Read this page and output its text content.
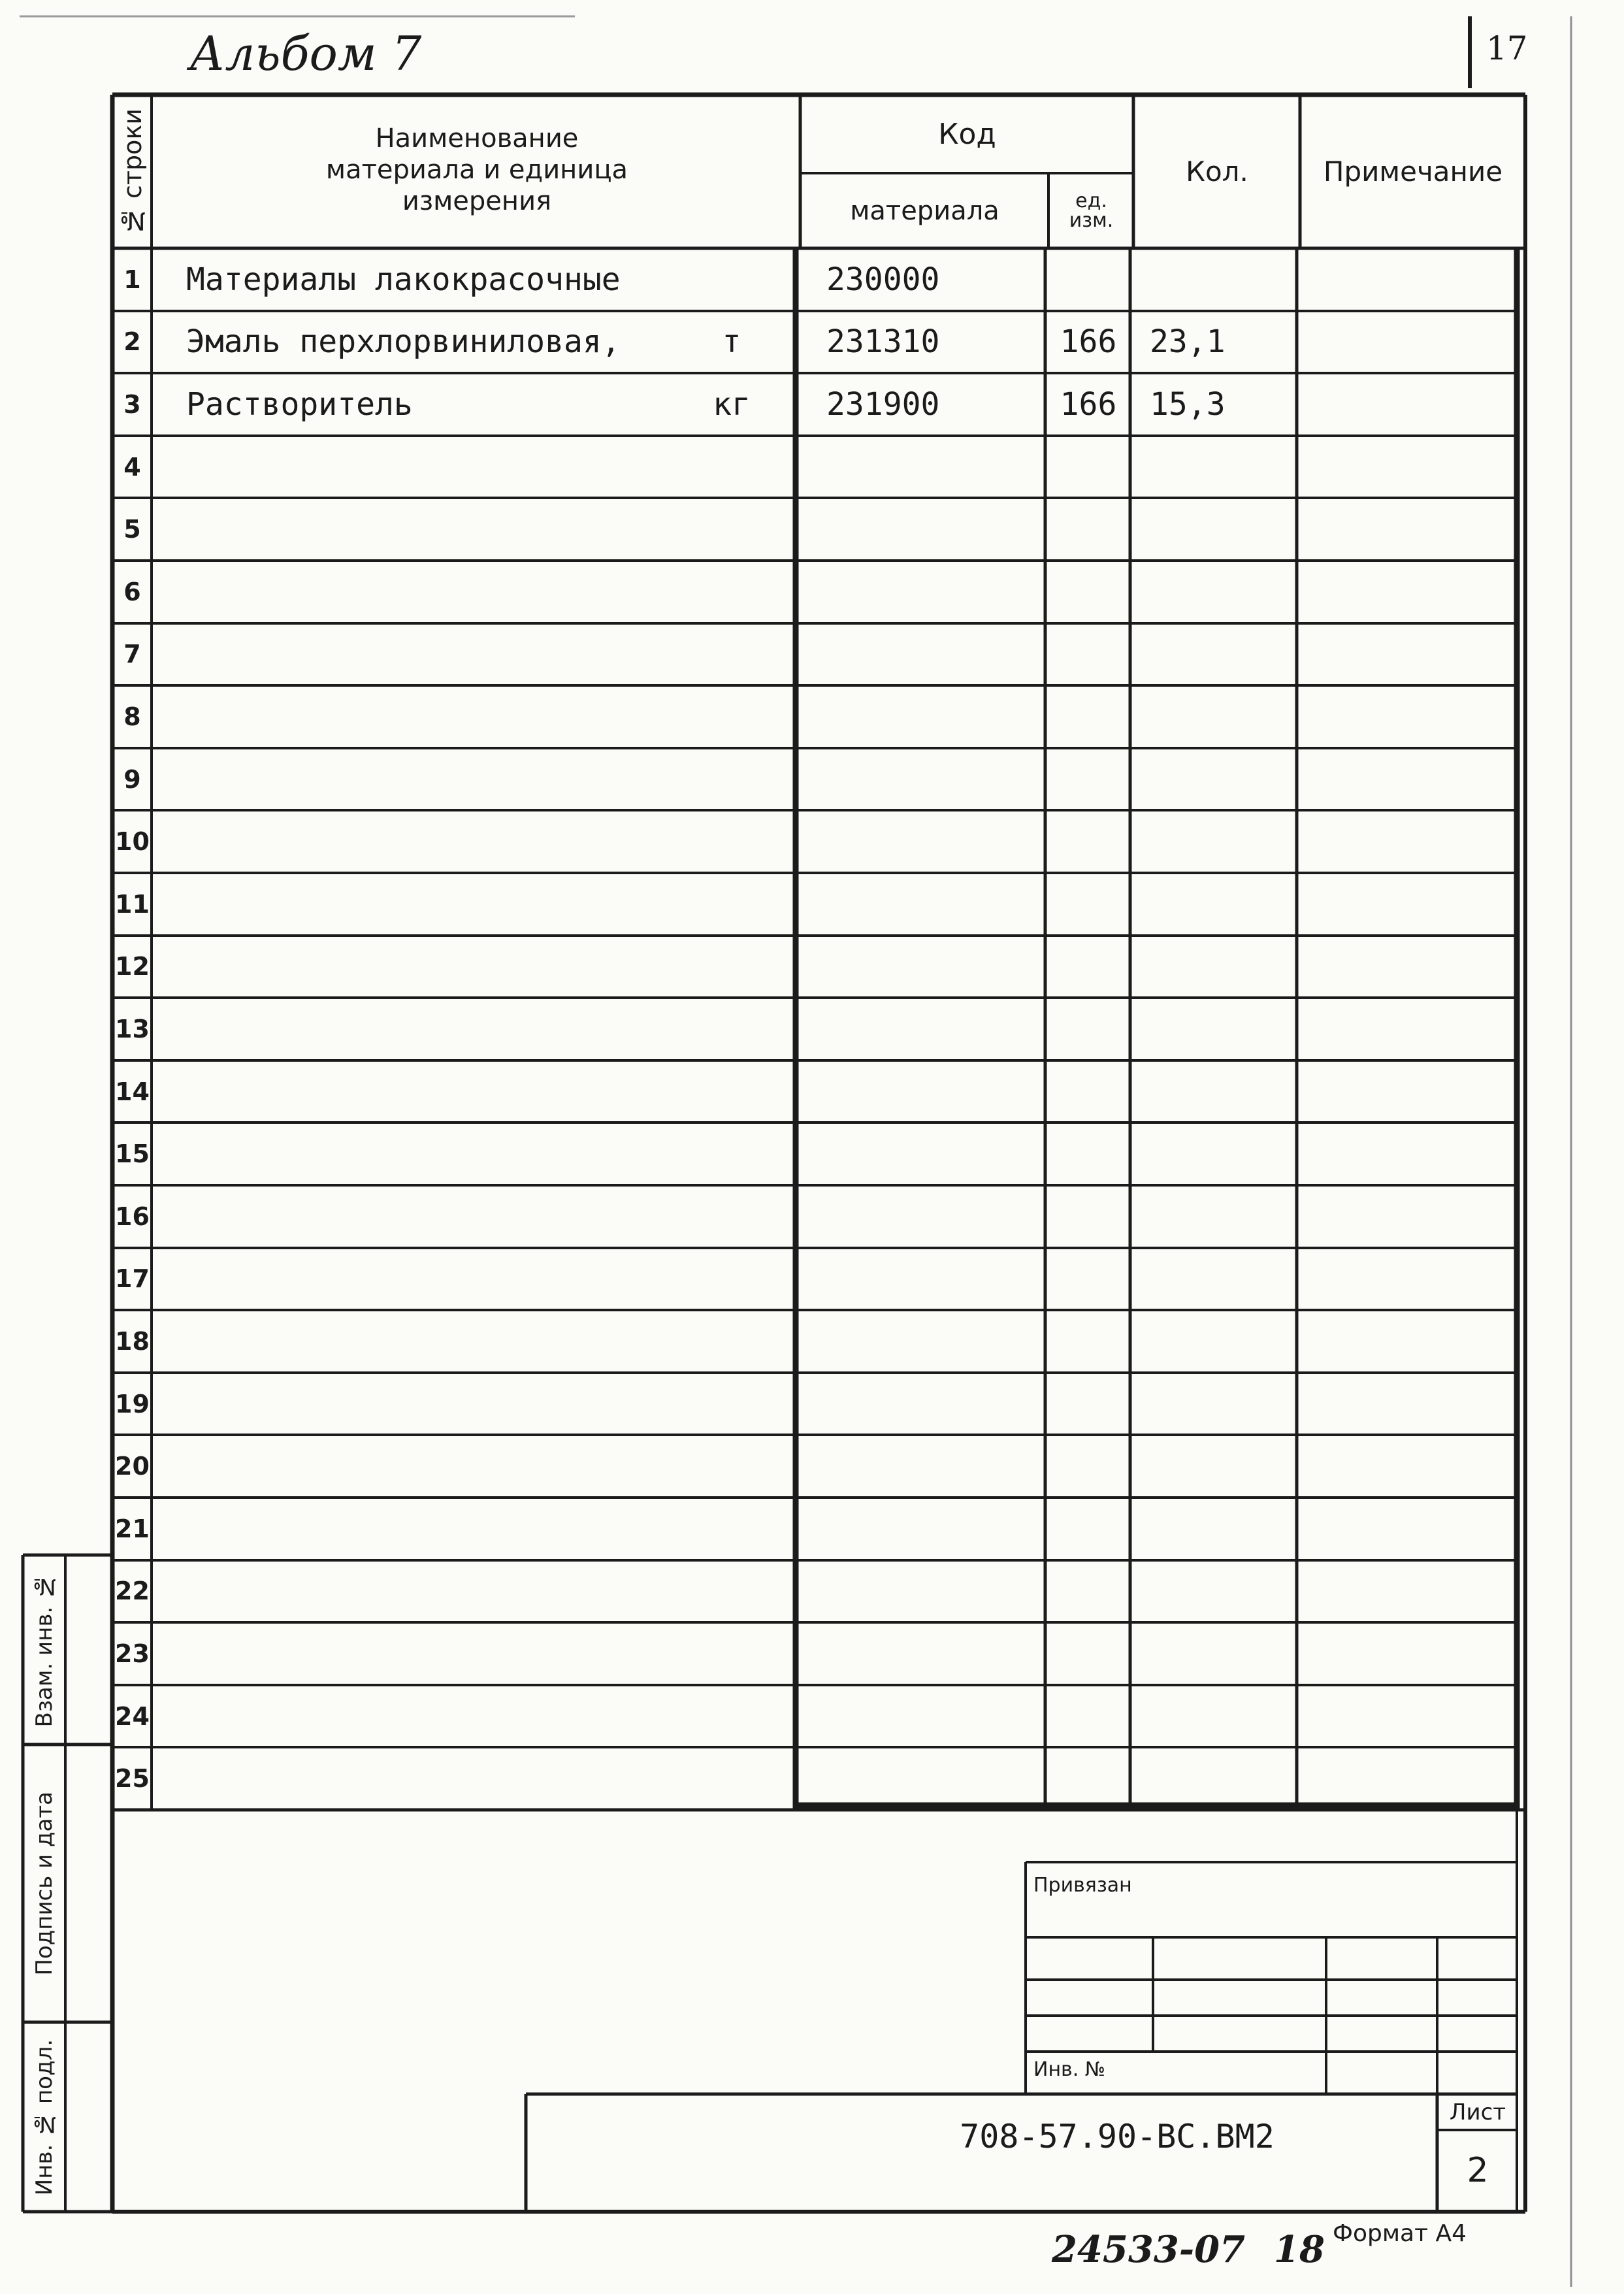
Альбом 7	17
№ строки	Наименование материала и единица измерения
Код
материала	ед. изм.
Кол.	Примечание
1 Материалы лакокрасочные	230000
2 Эмаль перхлорвиниловая,	т	231310	166	23,1
3 Растворитель	кг	231900	166	15,3
4
5
6
7
8
9
10
11
12
13
14
15
16
17
18
19
20
21
22
23
24
25
Взам. инв. №
Подпись и дата
Инв. № подл.
Привязан
Инв. №
708-57.90-ВС.ВМ2
Лист
2
24533-07 18 Формат А4
